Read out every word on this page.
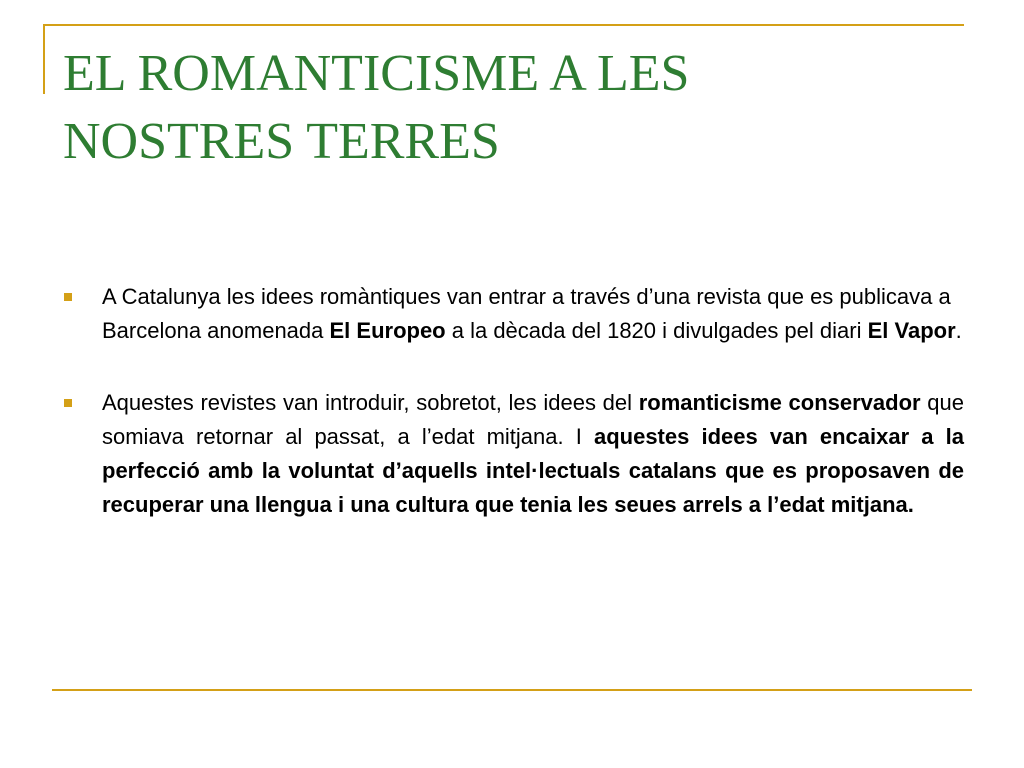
EL ROMANTICISME A LES
NOSTRES TERRES
A Catalunya les idees romàntiques van entrar a través d’una revista que es publicava a Barcelona anomenada El Europeo a la dècada del 1820 i divulgades pel diari El Vapor.
Aquestes revistes van introduir, sobretot, les idees del romanticisme conservador que somiava retornar al passat, a l’edat mitjana. I aquestes idees van encaixar a la perfecció amb la voluntat d’aquells intel·lectuals catalans que es proposaven de recuperar una llengua i una cultura que tenia les seues arrels a l’edat mitjana.
